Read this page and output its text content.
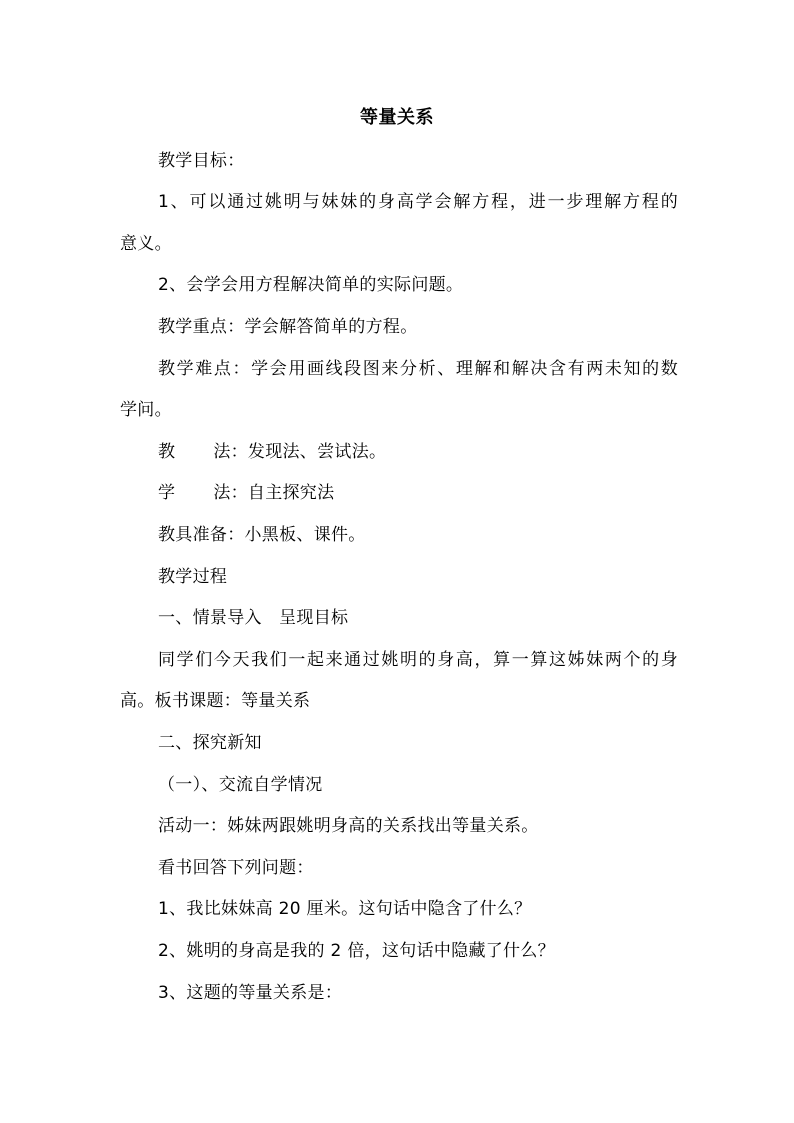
等量关系
教学目标：
1、可以通过姚明与妹妹的身高学会解方程，进一步理解方程的
意义。
2、会学会用方程解决简单的实际问题。
教学重点：学会解答简单的方程。
教学难点：学会用画线段图来分析、理解和解决含有两未知的数
学问。
教 法：发现法、尝试法。
学 法：自主探究法
教具准备：小黑板、课件。
教学过程
一、情景导入　呈现目标
同学们今天我们一起来通过姚明的身高，算一算这姊妹两个的身
高。板书课题：等量关系
二、探究新知
（一）、交流自学情况
活动一：姊妹两跟姚明身高的关系找出等量关系。
看书回答下列问题：
1、我比妹妹高 20 厘米。这句话中隐含了什么？
2、姚明的身高是我的 2 倍，这句话中隐藏了什么？
3、这题的等量关系是：
